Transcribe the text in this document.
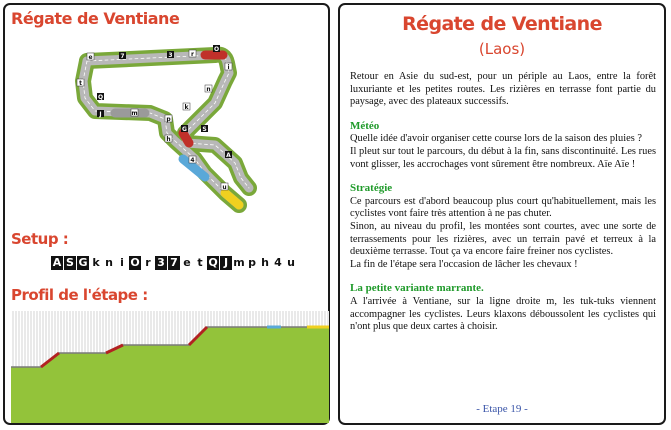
Régate de Ventiane
e	7	3	r
O
i
t
Q
J	m
n
k
p
G	S
h
4
A
u
Setup :
A S G k n i O r 3 7 e t Q J m p h 4 u
Profil de l'étape :
Régate de Ventiane
(Laos)

Retour en Asie du sud-est, pour un périple au Laos, entre la forêt luxuriante et les petites routes. Les rizières en terrasse font partie du paysage, avec des plateaux successifs.

Météo

Quelle idée d'avoir organiser cette course lors de la saison des pluies ?

Il pleut sur tout le parcours, du début à la fin, sans discontinuité. Les rues vont glisser, les accrochages vont sûrement être nombreux. Aïe Aïe !

Stratégie

Ce parcours est d'abord beaucoup plus court qu'habituellement, mais les cyclistes vont faire très attention à ne pas chuter.

Sinon, au niveau du profil, les montées sont courtes, avec une sorte de terrassements pour les rizières, avec un terrain pavé et terreux à la deuxième terrasse. Tout ça va encore faire freiner nos cyclistes.

La fin de l'étape sera l'occasion de lâcher les chevaux !

La petite variante marrante.

A l'arrivée à Ventiane, sur la ligne droite m, les tuk-tuks viennent accompagner les cyclistes. Leurs klaxons déboussolent les cyclistes qui n'ont plus que deux cartes à choisir.

- Etape 19 -
